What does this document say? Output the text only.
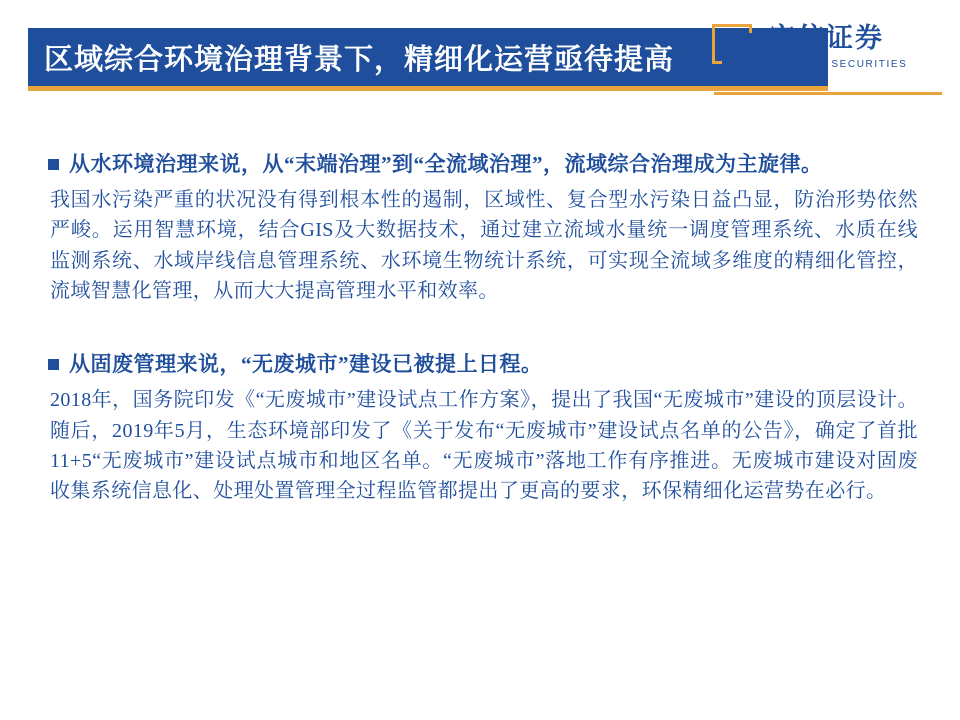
区域综合环境治理背景下，精细化运营亟待提高
安信证券
ESSENCE SECURITIES
从水环境治理来说，从“末端治理”到“全流域治理”，流域综合治理成为主旋律。
我国水污染严重的状况没有得到根本性的遏制，区域性、复合型水污染日益凸显，防治形势依然严峻。运用智慧环境，结合GIS及大数据技术，通过建立流域水量统一调度管理系统、水质在线监测系统、水域岸线信息管理系统、水环境生物统计系统，可实现全流域多维度的精细化管控，流域智慧化管理，从而大大提高管理水平和效率。
从固废管理来说，“无废城市”建设已被提上日程。
2018年，国务院印发《“无废城市”建设试点工作方案》，提出了我国“无废城市”建设的顶层设计。随后，2019年5月，生态环境部印发了《关于发布“无废城市”建设试点名单的公告》，确定了首批11+5“无废城市”建设试点城市和地区名单。“无废城市”落地工作有序推进。无废城市建设对固废收集系统信息化、处理处置管理全过程监管都提出了更高的要求，环保精细化运营势在必行。
